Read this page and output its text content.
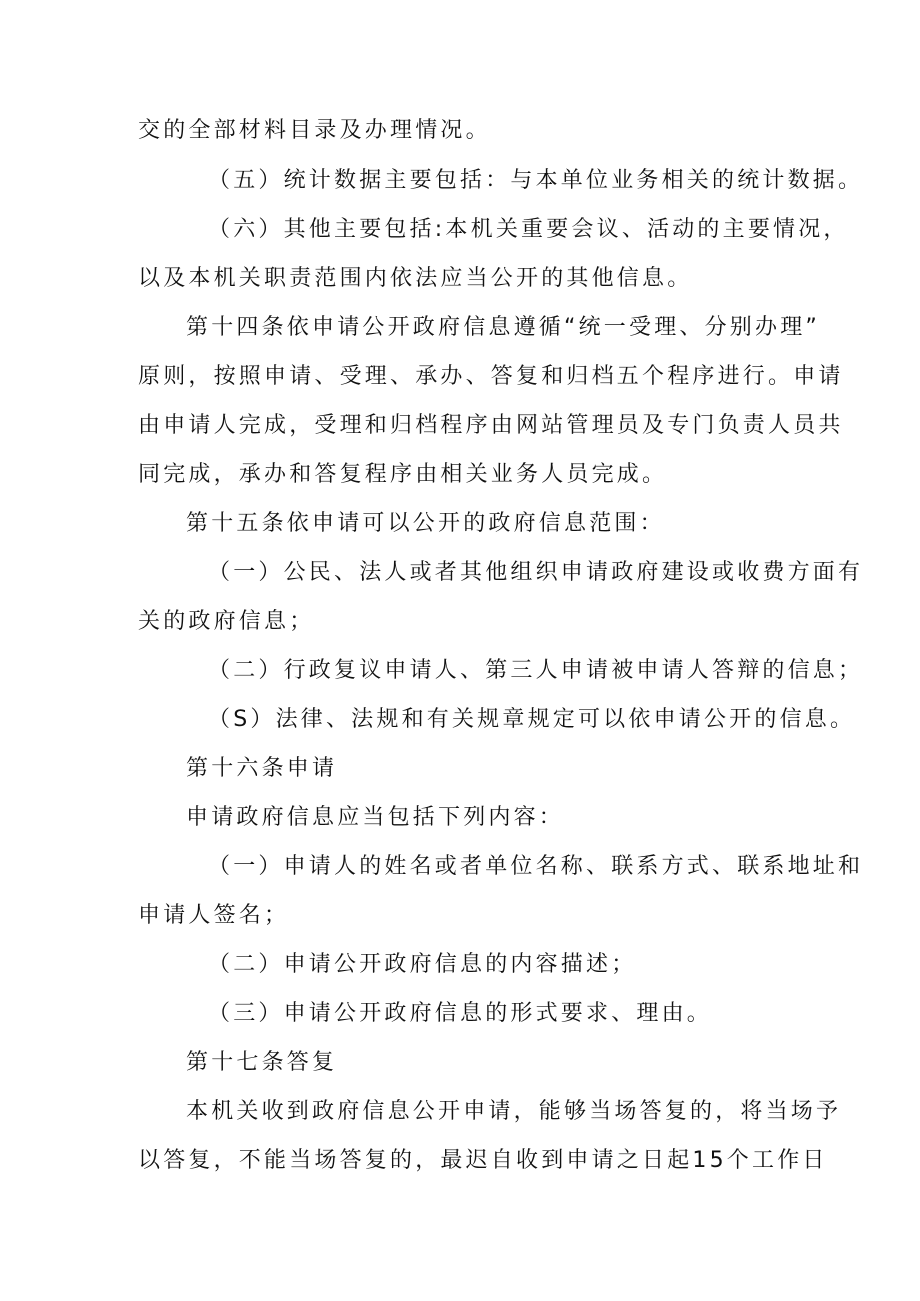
交的全部材料目录及办理情况。
（五）统计数据主要包括：与本单位业务相关的统计数据。
（六）其他主要包括:本机关重要会议、活动的主要情况，
以及本机关职责范围内依法应当公开的其他信息。
第十四条依申请公开政府信息遵循“统一受理、分别办理”
原则，按照申请、受理、承办、答复和归档五个程序进行。申请
由申请人完成，受理和归档程序由网站管理员及专门负责人员共
同完成，承办和答复程序由相关业务人员完成。
第十五条依申请可以公开的政府信息范围：
（一）公民、法人或者其他组织申请政府建设或收费方面有
关的政府信息；
（二）行政复议申请人、第三人申请被申请人答辩的信息；
（S）法律、法规和有关规章规定可以依申请公开的信息。
第十六条申请
申请政府信息应当包括下列内容：
（一）申请人的姓名或者单位名称、联系方式、联系地址和
申请人签名；
（二）申请公开政府信息的内容描述；
（三）申请公开政府信息的形式要求、理由。
第十七条答复
本机关收到政府信息公开申请，能够当场答复的，将当场予
以答复，不能当场答复的，最迟自收到申请之日起15个工作日
